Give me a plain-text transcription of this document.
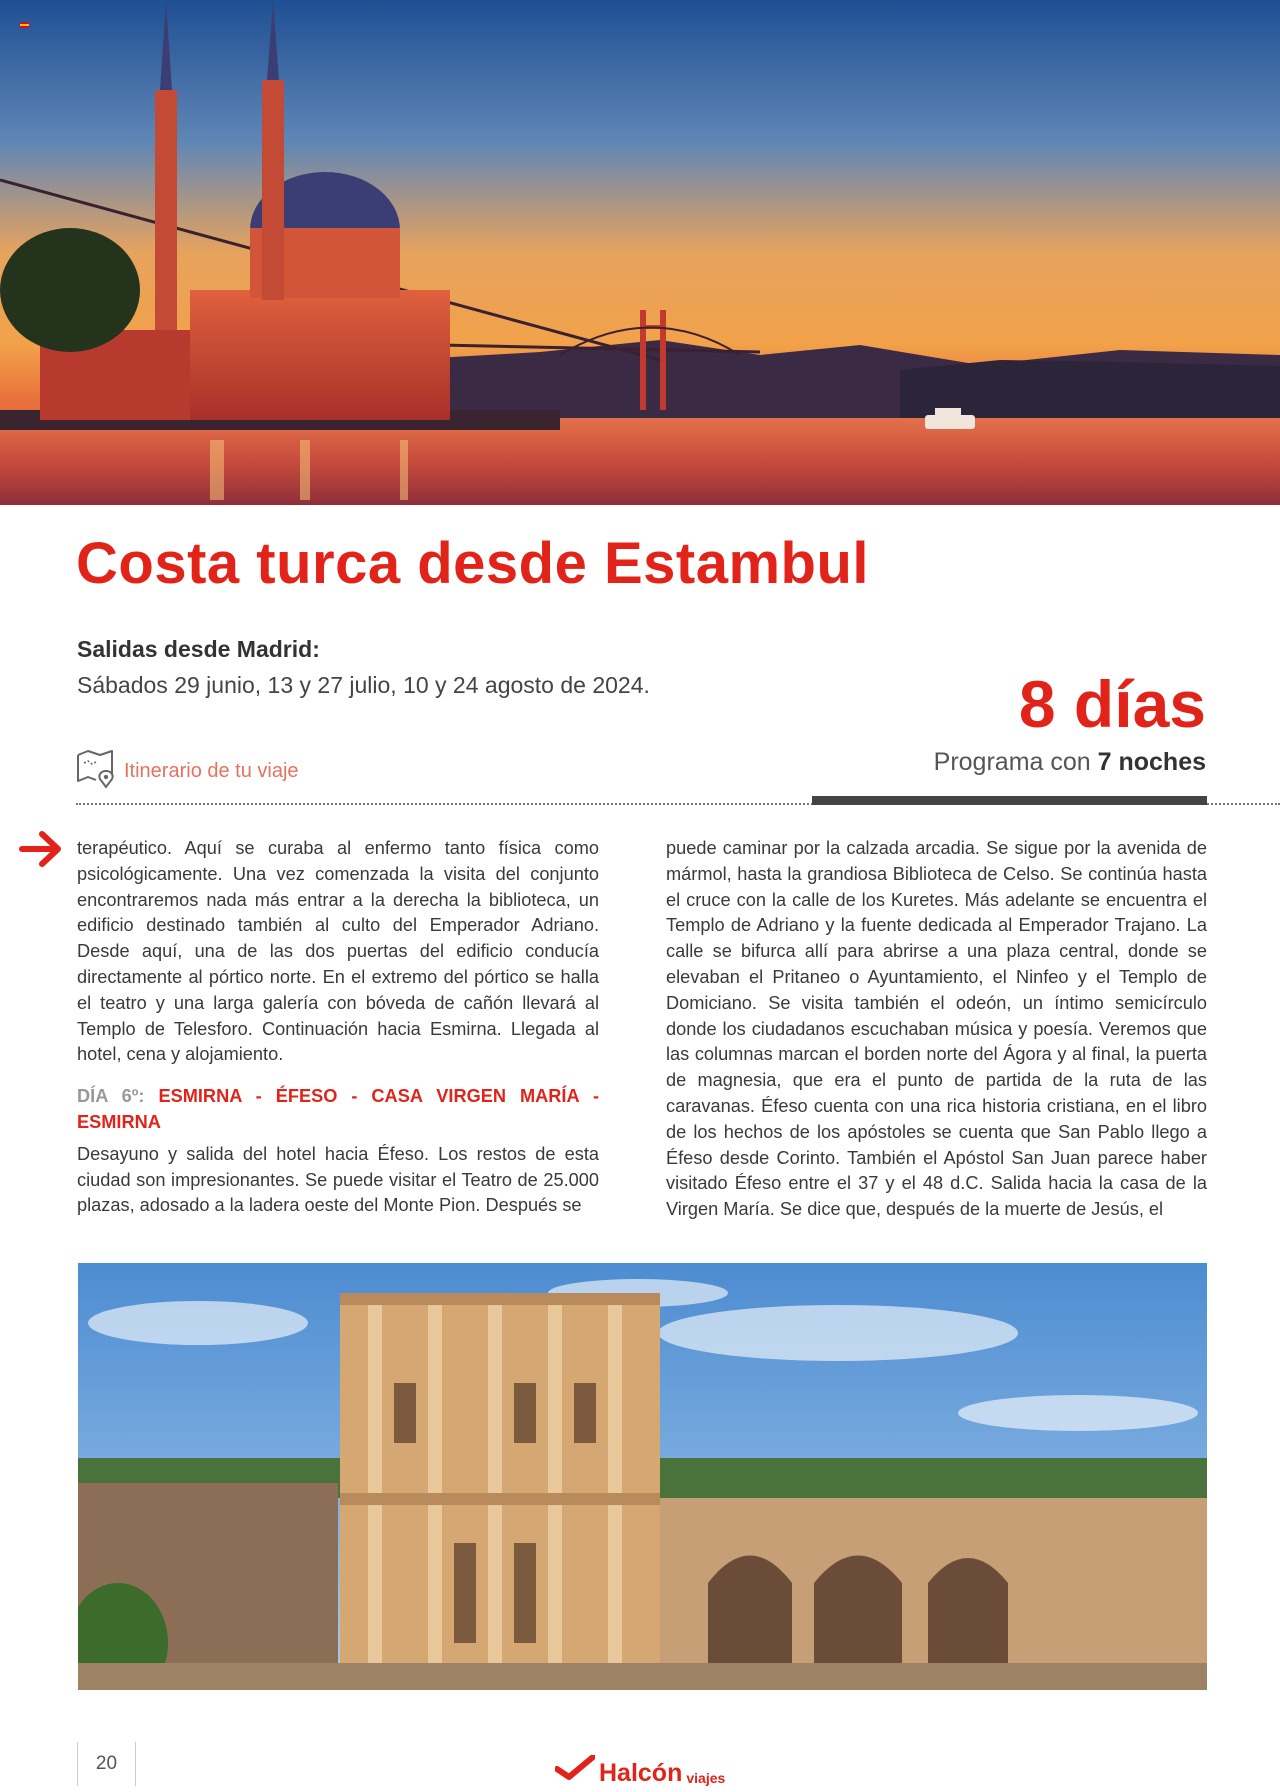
Costa turca desde Estambul
Salidas desde Madrid:
Sábados 29 junio, 13 y 27 julio, 10 y 24 agosto de 2024.	8 días
Programa con 7 noches
Itinerario de tu viaje

terapéutico. Aquí se curaba al enfermo tanto física como psicológicamente. Una vez comenzada la visita del conjunto encontraremos nada más entrar a la derecha la biblioteca, un edificio destinado también al culto del Emperador Adriano. Desde aquí, una de las dos puertas del edificio conducía directamente al pórtico norte. En el extremo del pórtico se halla el teatro y una larga galería con bóveda de cañón llevará al Templo de Telesforo. Continuación hacia Esmirna. Llegada al hotel, cena y alojamiento.

DÍA 6º: ESMIRNA - ÉFESO - CASA VIRGEN MARÍA - ESMIRNA

Desayuno y salida del hotel hacia Éfeso. Los restos de esta ciudad son impresionantes. Se puede visitar el Teatro de 25.000 plazas, adosado a la ladera oeste del Monte Pion. Después se

puede caminar por la calzada arcadia. Se sigue por la avenida de mármol, hasta la grandiosa Biblioteca de Celso. Se continúa hasta el cruce con la calle de los Kuretes. Más adelante se encuentra el Templo de Adriano y la fuente dedicada al Emperador Trajano. La calle se bifurca allí para abrirse a una plaza central, donde se elevaban el Pritaneo o Ayuntamiento, el Ninfeo y el Templo de Domiciano. Se visita también el odeón, un íntimo semicírculo donde los ciudadanos escuchaban música y poesía. Veremos que las columnas marcan el borden norte del Ágora y al final, la puerta de magnesia, que era el punto de partida de la ruta de las caravanas. Éfeso cuenta con una rica historia cristiana, en el libro de los hechos de los apóstoles se cuenta que San Pablo llego a Éfeso desde Corinto. También el Apóstol San Juan parece haber visitado Éfeso entre el 37 y el 48 d.C. Salida hacia la casa de la Virgen María. Se dice que, después de la muerte de Jesús, el

20	Halcón viajes
